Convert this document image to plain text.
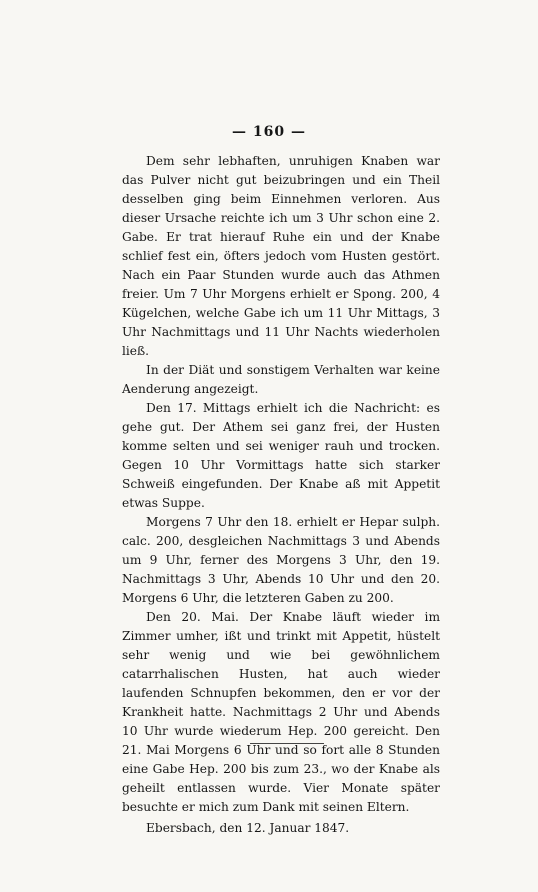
— 160 —

Dem sehr lebhaften, unruhigen Knaben war das Pulver nicht gut beizubringen und ein Theil desselben ging beim Einnehmen verloren. Aus dieser Ursache reichte ich um 3 Uhr schon eine 2. Gabe. Er trat hierauf Ruhe ein und der Knabe schlief fest ein, öfters jedoch vom Husten gestört. Nach ein Paar Stunden wurde auch das Athmen freier. Um 7 Uhr Morgens erhielt er Spong. 200, 4 Kügelchen, welche Gabe ich um 11 Uhr Mittags, 3 Uhr Nachmittags und 11 Uhr Nachts wiederholen ließ.

In der Diät und sonstigem Verhalten war keine Aenderung angezeigt.

Den 17. Mittags erhielt ich die Nachricht: es gehe gut. Der Athem sei ganz frei, der Husten komme selten und sei weniger rauh und trocken. Gegen 10 Uhr Vormittags hatte sich starker Schweiß eingefunden. Der Knabe aß mit Appetit etwas Suppe.

Morgens 7 Uhr den 18. erhielt er Hepar sulph. calc. 200, desgleichen Nachmittags 3 und Abends um 9 Uhr, ferner des Morgens 3 Uhr, den 19. Nachmittags 3 Uhr, Abends 10 Uhr und den 20. Morgens 6 Uhr, die letzteren Gaben zu 200.

Den 20. Mai. Der Knabe läuft wieder im Zimmer umher, ißt und trinkt mit Appetit, hüstelt sehr wenig und wie bei gewöhnlichem catarrhalischen Husten, hat auch wieder laufenden Schnupfen bekommen, den er vor der Krankheit hatte. Nachmittags 2 Uhr und Abends 10 Uhr wurde wiederum Hep. 200 gereicht. Den 21. Mai Morgens 6 Uhr und so fort alle 8 Stunden eine Gabe Hep. 200 bis zum 23., wo der Knabe als geheilt entlassen wurde. Vier Monate später besuchte er mich zum Dank mit seinen Eltern.

Ebersbach, den 12. Januar 1847.
